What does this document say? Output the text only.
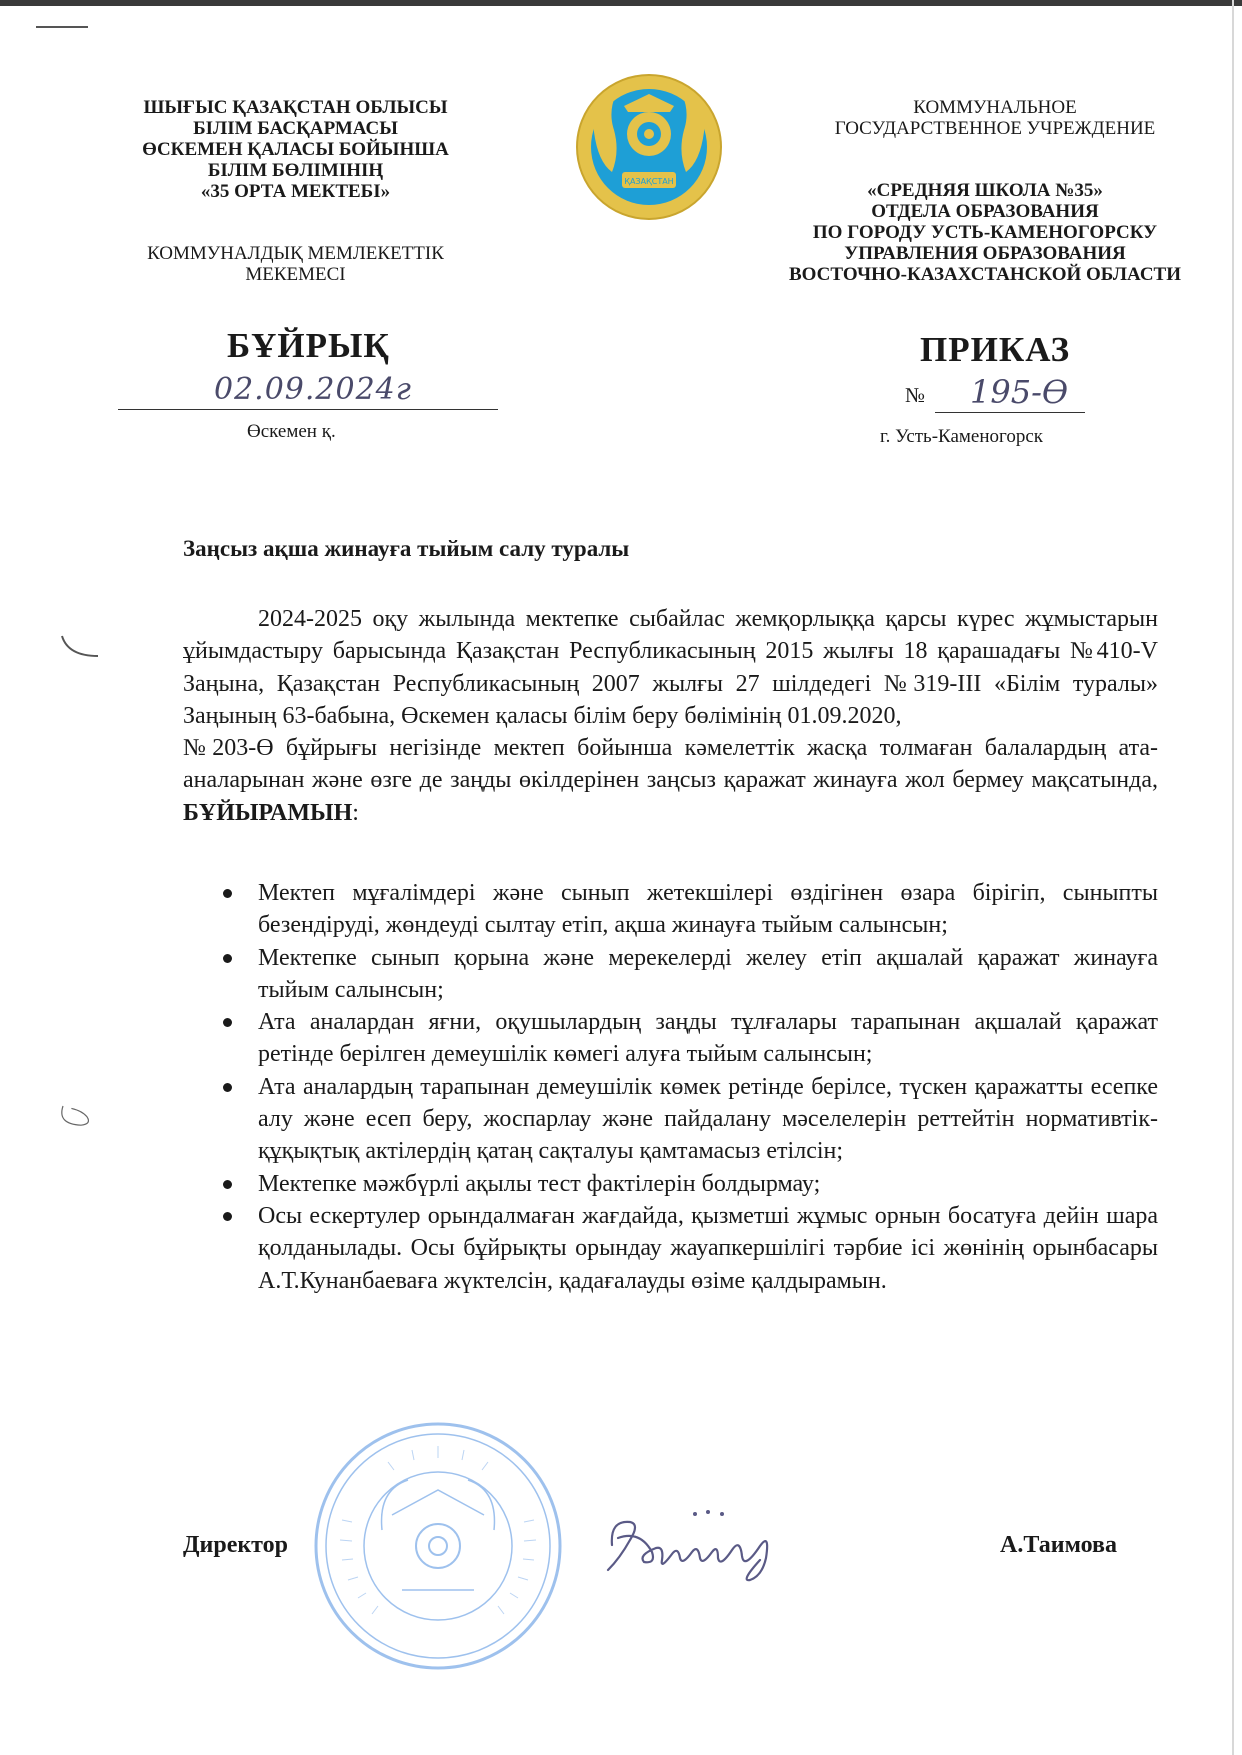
ШЫҒЫС ҚАЗАҚСТАН ОБЛЫСЫ
БІЛІМ БАСҚАРМАСЫ
ӨСКЕМЕН ҚАЛАСЫ БОЙЫНША
БІЛІМ БӨЛІМІНІҢ
«35 ОРТА МЕКТЕБІ»
КОММУНАЛДЫҚ МЕМЛЕКЕТТІК
МЕКЕМЕСІ
ҚАЗАҚСТАН
КОММУНАЛЬНОЕ
ГОСУДАРСТВЕННОЕ УЧРЕЖДЕНИЕ
«СРЕДНЯЯ ШКОЛА №35»
ОТДЕЛА ОБРАЗОВАНИЯ
ПО ГОРОДУ УСТЬ-КАМЕНОГОРСКУ
УПРАВЛЕНИЯ ОБРАЗОВАНИЯ
ВОСТОЧНО-КАЗАХСТАНСКОЙ ОБЛАСТИ
БҰЙРЫҚ	ПРИКАЗ
02.09.2024г	№ 195-Ө
Өскемен қ.	г. Усть-Каменогорск
Заңсыз ақша жинауға тыйым салу туралы

2024-2025 оқу жылында мектепке сыбайлас жемқорлыққа қарсы күрес жұмыстарын ұйымдастыру барысында Қазақстан Республикасының 2015 жылғы 18 қарашадағы №410-V Заңына, Қазақстан Республикасының 2007 жылғы 27 шілдедегі №319-ІІІ «Білім туралы» Заңының 63-бабына, Өскемен қаласы білім беру бөлімінің 01.09.2020,

№203-Ө бұйрығы негізінде мектеп бойынша кәмелеттік жасқа толмаған балалардың ата-аналарынан және өзге де заңды өкілдерінен заңсыз қаражат жинауға жол бермеу мақсатында, БҰЙЫРАМЫН:

Мектеп мұғалімдері және сынып жетекшілері өздігінен өзара бірігіп, сыныпты безендіруді, жөндеуді сылтау етіп, ақша жинауға тыйым салынсын;
Мектепке сынып қорына және мерекелерді желеу етіп ақшалай қаражат жинауға тыйым салынсын;
Ата аналардан яғни, оқушылардың заңды тұлғалары тарапынан ақшалай қаражат ретінде берілген демеушілік көмегі алуға тыйым салынсын;
Ата аналардың тарапынан демеушілік көмек ретінде берілсе, түскен қаражатты есепке алу және есеп беру, жоспарлау және пайдалану мәселелерін реттейтін нормативтік-құқықтық актілердің қатаң сақталуы қамтамасыз етілсін;
Мектепке мәжбүрлі ақылы тест фактілерін болдырмау;
Осы ескертулер орындалмаған жағдайда, қызметші жұмыс орнын босатуға дейін шара қолданылады. Осы бұйрықты орындау жауапкершілігі тәрбие ісі жөнінің орынбасары А.Т.Кунанбаеваға жүктелсін, қадағалауды өзіме қалдырамын.
Директор	А.Таимова
